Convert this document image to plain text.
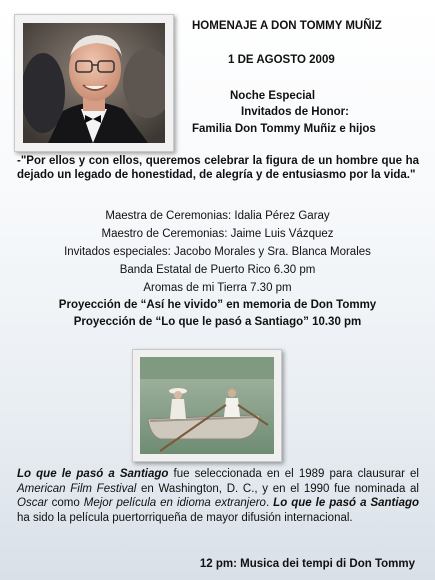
HOMENAJE A DON TOMMY MUÑIZ
1 DE AGOSTO 2009
Noche Especial
Invitados de Honor:
Familia Don Tommy Muñiz e hijos
-"Por ellos y con ellos, queremos celebrar la figura de un hombre que ha dejado un legado de honestidad, de alegría y de entusiasmo por la vida."
Maestra de Ceremonias: Idalia Pérez Garay
Maestro de Ceremonias: Jaime Luis Vázquez
Invitados especiales: Jacobo Morales y Sra. Blanca Morales
Banda Estatal de Puerto Rico 6.30 pm
Aromas de mi Tierra 7.30 pm
Proyección de “Así he vivido” en memoria de Don Tommy
Proyección de “Lo que le pasó a Santiago” 10.30 pm
Lo que le pasó a Santiago fue seleccionada en el 1989 para clausurar el American Film Festival en Washington, D. C., y en el 1990 fue nominada al Oscar como Mejor película en idioma extranjero. Lo que le pasó a Santiago ha sido la película puertorriqueña de mayor difusión internacional.
12 pm: Musica dei tempi di Don Tommy
